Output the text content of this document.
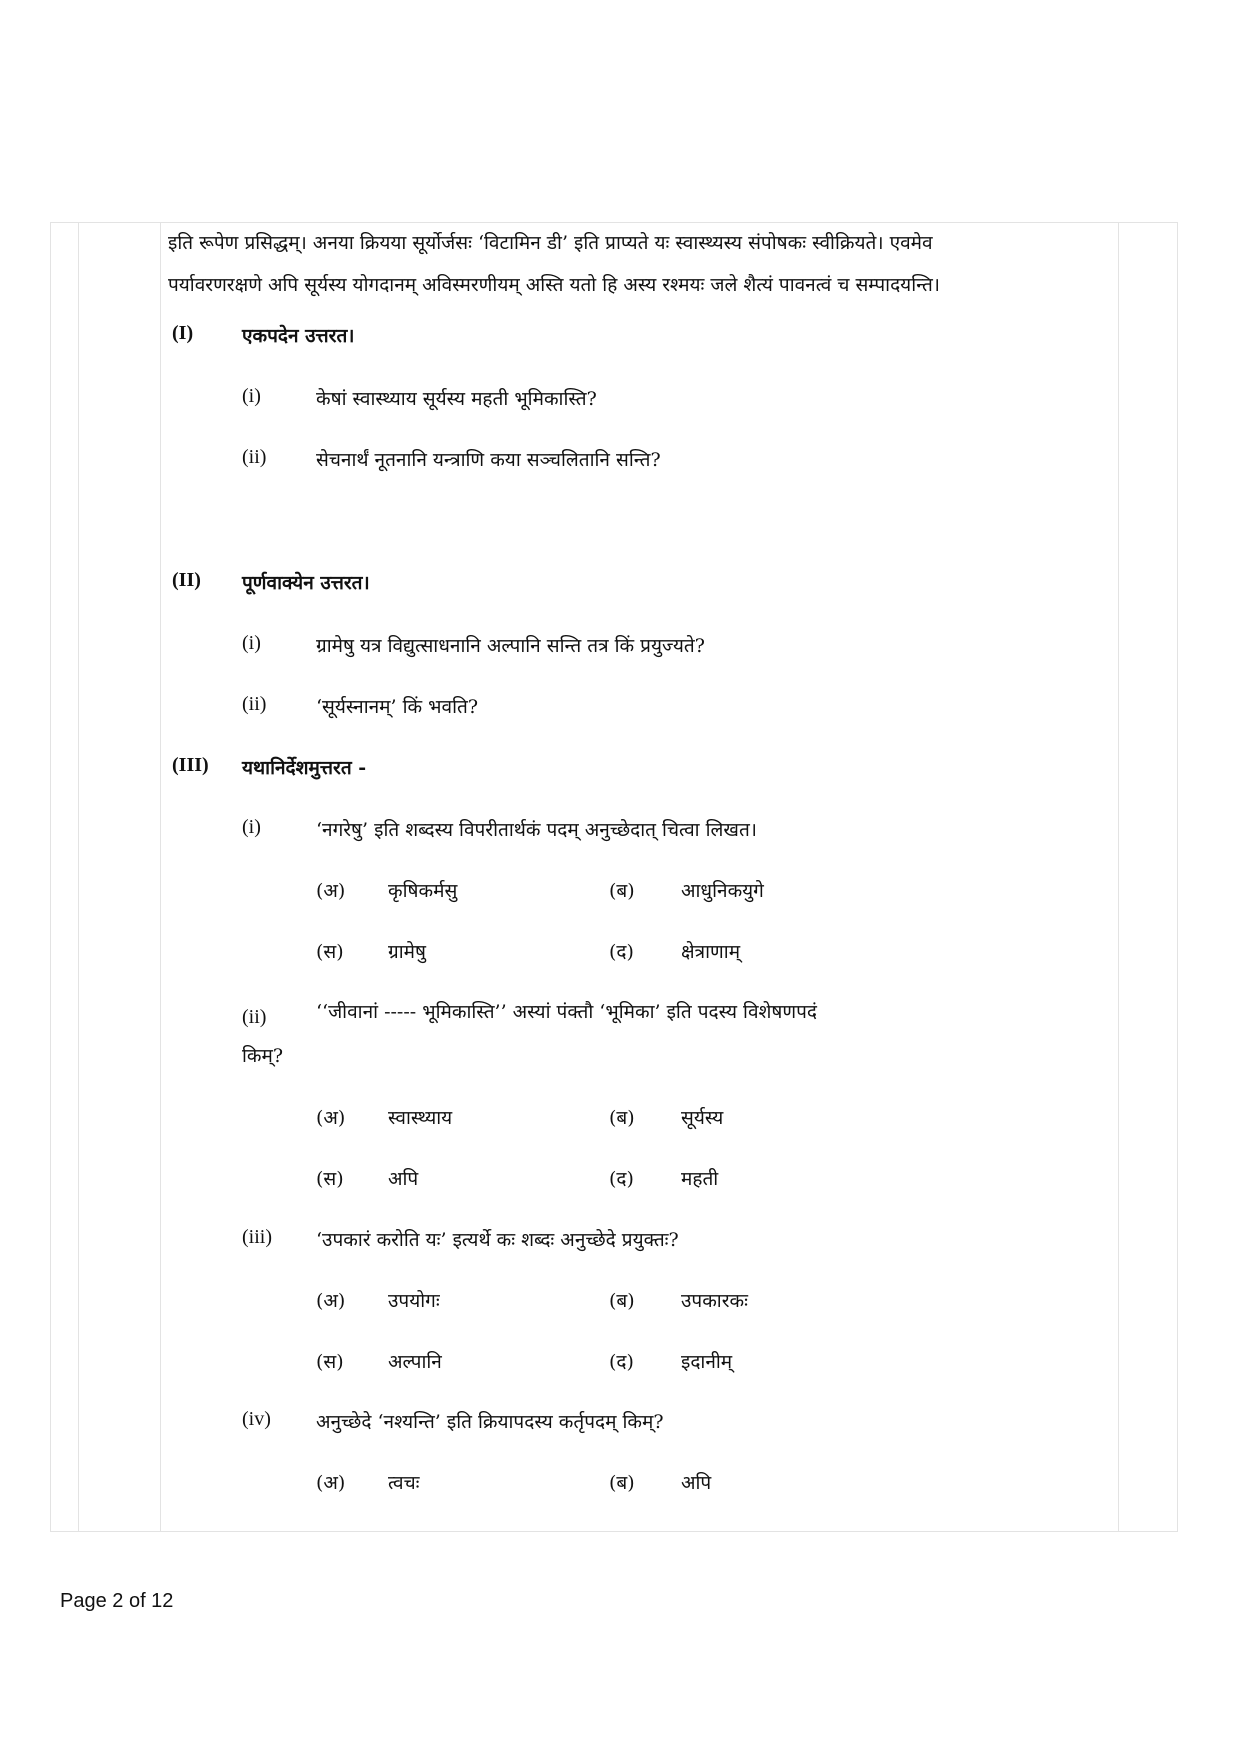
इति रूपेण प्रसिद्धम्। अनया क्रियया सूर्योर्जसः ‘विटामिन डी’ इति प्राप्यते यः स्वास्थ्यस्य संपोषकः स्वीक्रियते। एवमेव
पर्यावरणरक्षणे अपि सूर्यस्य योगदानम् अविस्मरणीयम् अस्ति यतो हि अस्य रश्मयः जले शैत्यं पावनत्वं च सम्पादयन्ति।
(I)	एकपदेन उत्तरत।
(i)	केषां स्वास्थ्याय सूर्यस्य महती भूमिकास्ति?
(ii)	सेचनार्थं नूतनानि यन्त्राणि कया सञ्चलितानि सन्ति?
(II)	पूर्णवाक्येन उत्तरत।
(i)	ग्रामेषु यत्र विद्युत्साधनानि अल्पानि सन्ति तत्र किं प्रयुज्यते?
(ii)	‘सूर्यस्नानम्’ किं भवति?
(III)	यथानिर्देशमुत्तरत -
(i)	‘नगरेषु’ इति शब्दस्य विपरीतार्थकं पदम् अनुच्छेदात् चित्वा लिखत।
(अ) कृषिकर्मसु	(ब) आधुनिकयुगे
(स) ग्रामेषु	(द) क्षेत्राणाम्
(ii)	‘‘जीवानां ----- भूमिकास्ति’’ अस्यां पंक्तौ ‘भूमिका’ इति पदस्य विशेषणपदं
किम्?
(अ) स्वास्थ्याय	(ब) सूर्यस्य
(स) अपि	(द) महती
(iii) ‘उपकारं करोति यः’ इत्यर्थे कः शब्दः अनुच्छेदे प्रयुक्तः?
(अ) उपयोगः	(ब) उपकारकः
(स) अल्पानि	(द) इदानीम्
(iv) अनुच्छेदे ‘नश्यन्ति’ इति क्रियापदस्य कर्तृपदम् किम्?
(अ) त्वचः	(ब) अपि
Page 2 of 12
